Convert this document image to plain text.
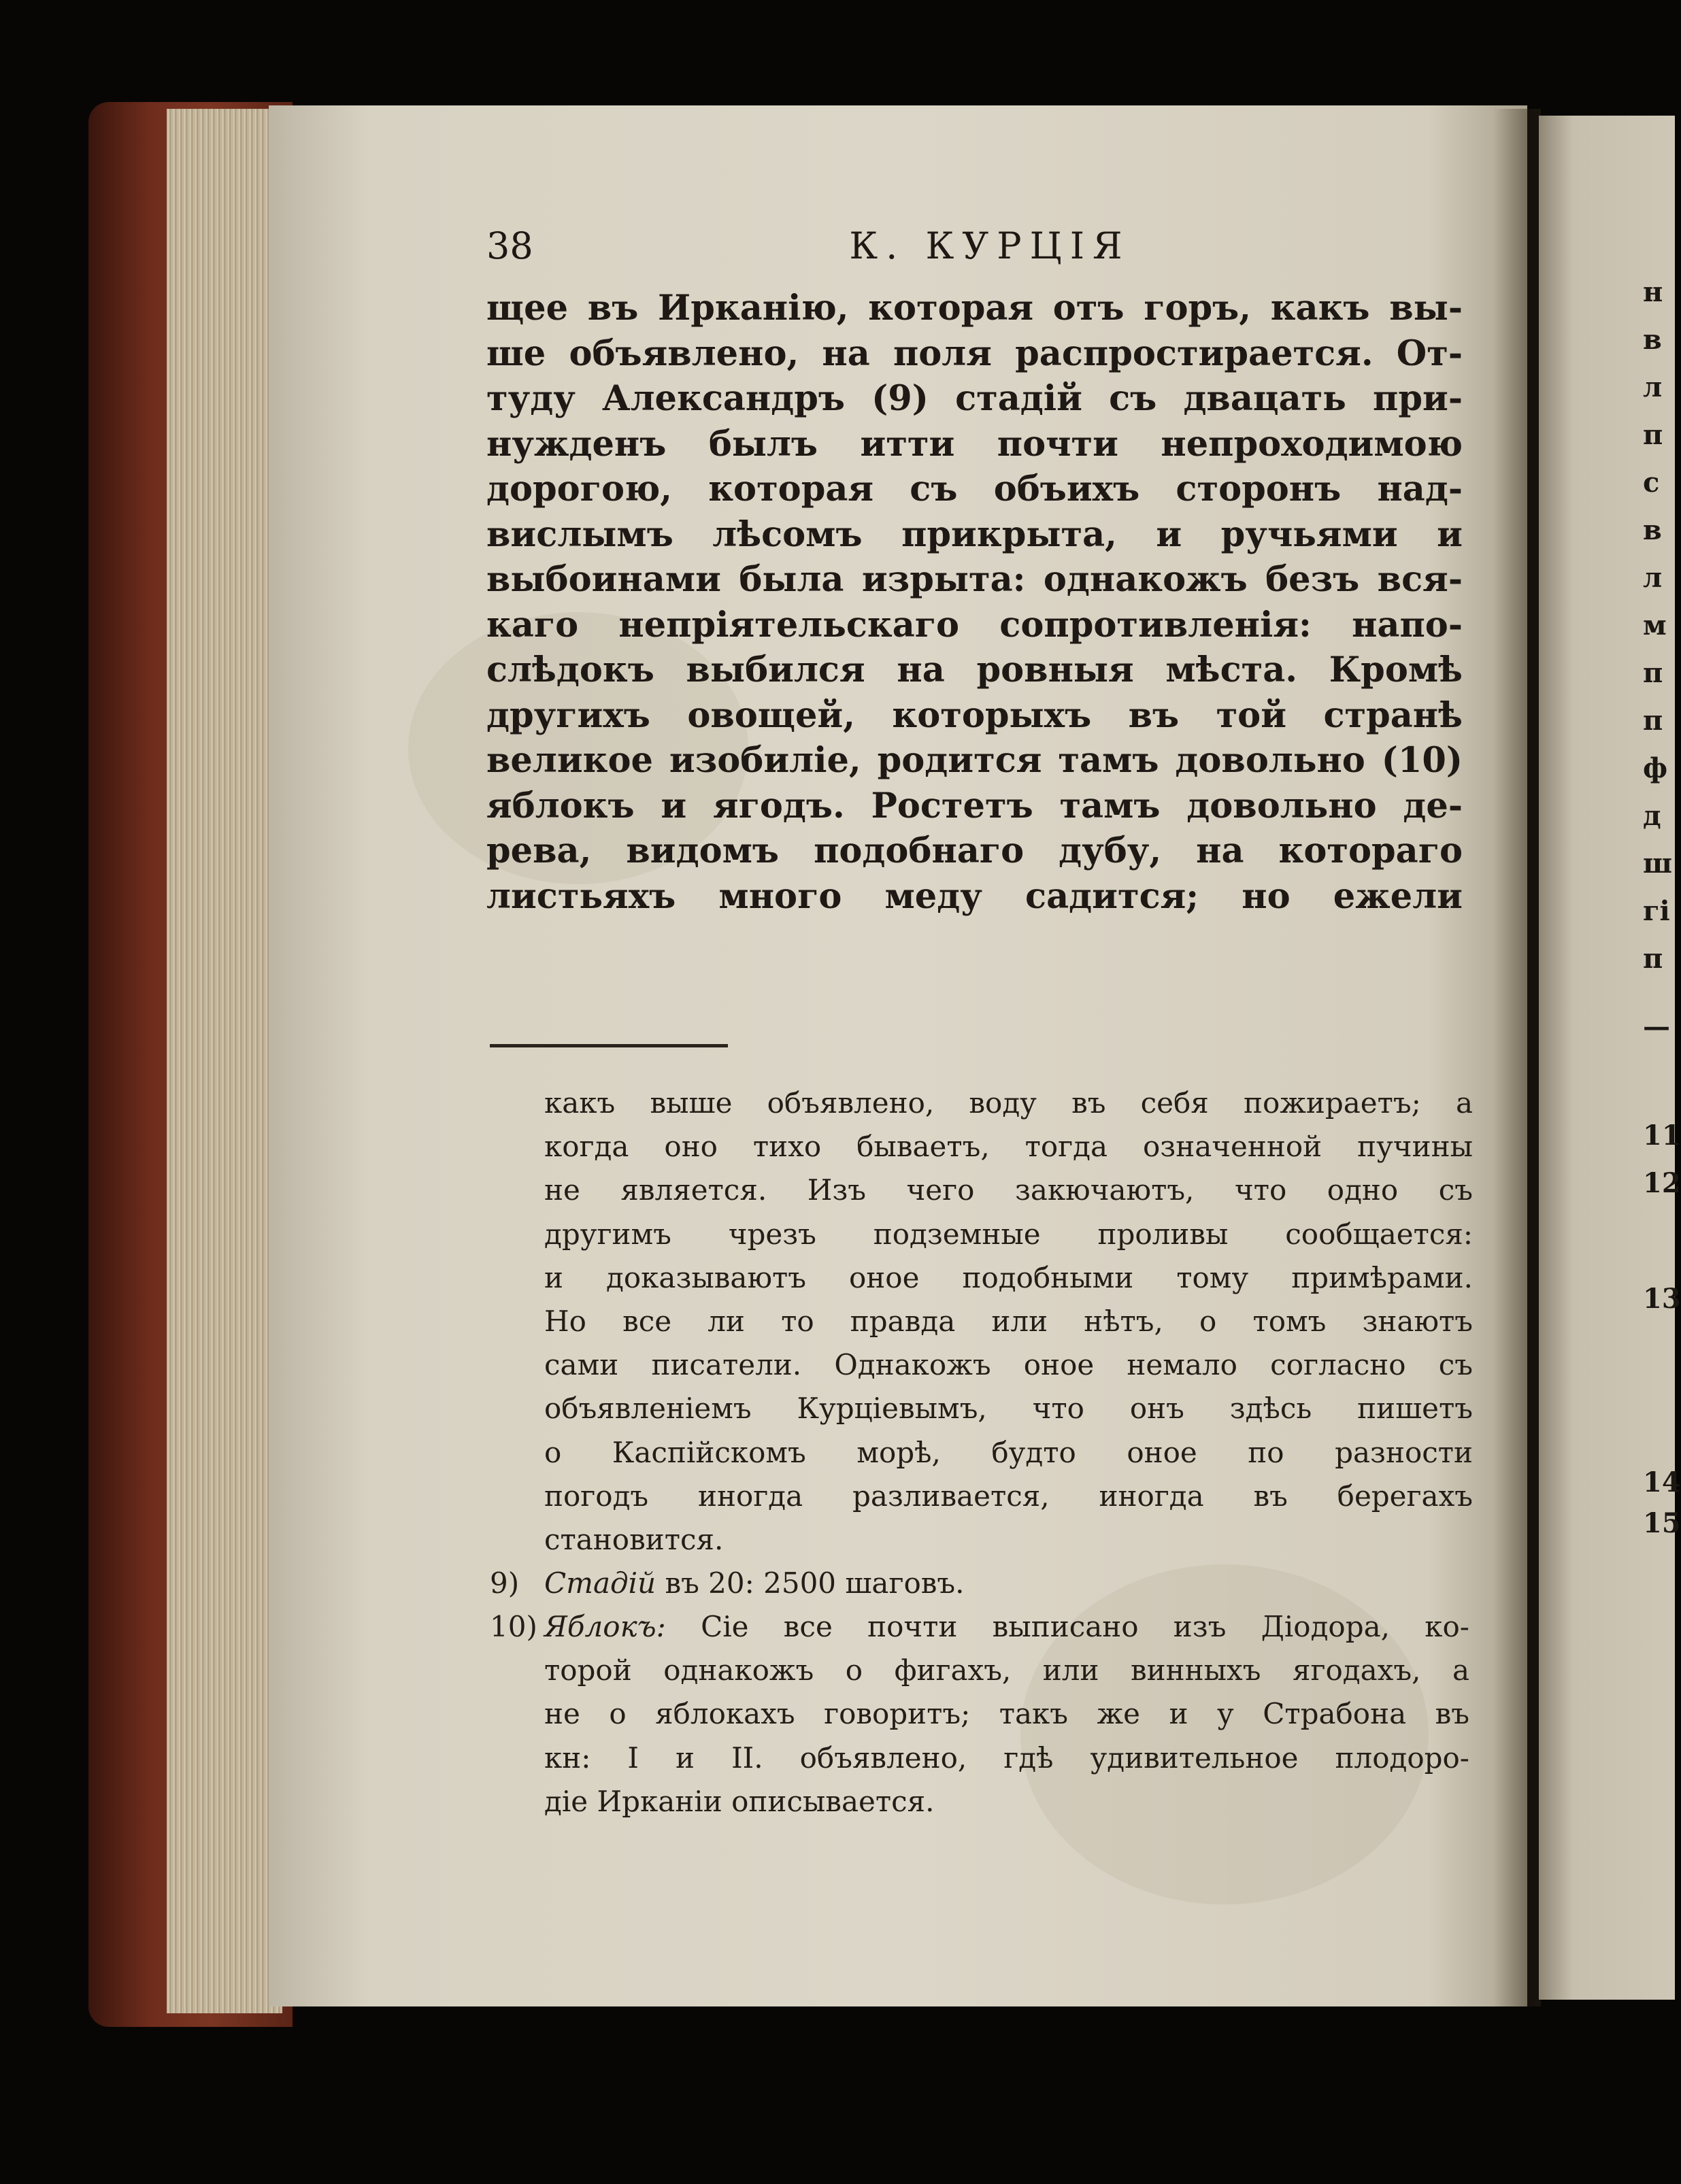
н
в
л
п
с
в
л
м
п
п
ф
д
ш
гі
п
—
11
12
13
14
15
38	К. КУРЦІЯ
щее въ Ирканію, которая отъ горъ, какъ вы-
ше объявлено, на поля распростирается. От-
туду Александръ (9) стадій съ двацать при-
нужденъ былъ итти почти непроходимою
дорогою, которая съ объихъ сторонъ над-
вислымъ лѣсомъ прикрыта, и ручьями и
выбоинами была изрыта: однакожъ безъ вся-
каго непріятельскаго сопротивленія: напо-
слѣдокъ выбился на ровныя мѣста. Кромѣ
другихъ овощей, которыхъ въ той странѣ
великое изобиліе, родится тамъ довольно (10)
яблокъ и ягодъ. Ростетъ тамъ довольно де-
рева, видомъ подобнаго дубу, на котораго
листьяхъ много меду садится; но ежели
какъ выше объявлено, воду въ себя пожираетъ; а
когда оно тихо бываетъ, тогда означенной пучины
не является. Изъ чего закючаютъ, что одно съ
другимъ чрезъ подземные проливы сообщается:
и доказываютъ оное подобными тому примѣрами.
Но все ли то правда или нѣтъ, о томъ знаютъ
сами писатели. Однакожъ оное немало согласно съ
объявленіемъ Курціевымъ, что онъ здѣсь пишетъ
о Каспійскомъ морѣ, будто оное по разности
погодъ иногда разливается, иногда въ берегахъ
становится.
9) Стадій въ 20: 2500 шаговъ.
10) Яблокъ: Сіе все почти выписано изъ Діодора, ко-
торой однакожъ о фигахъ, или винныхъ ягодахъ, а
не о яблокахъ говоритъ; такъ же и у Страбона въ
кн: I и II. объявлено, гдѣ удивительное плодоро-
діе Ирканіи описывается.
